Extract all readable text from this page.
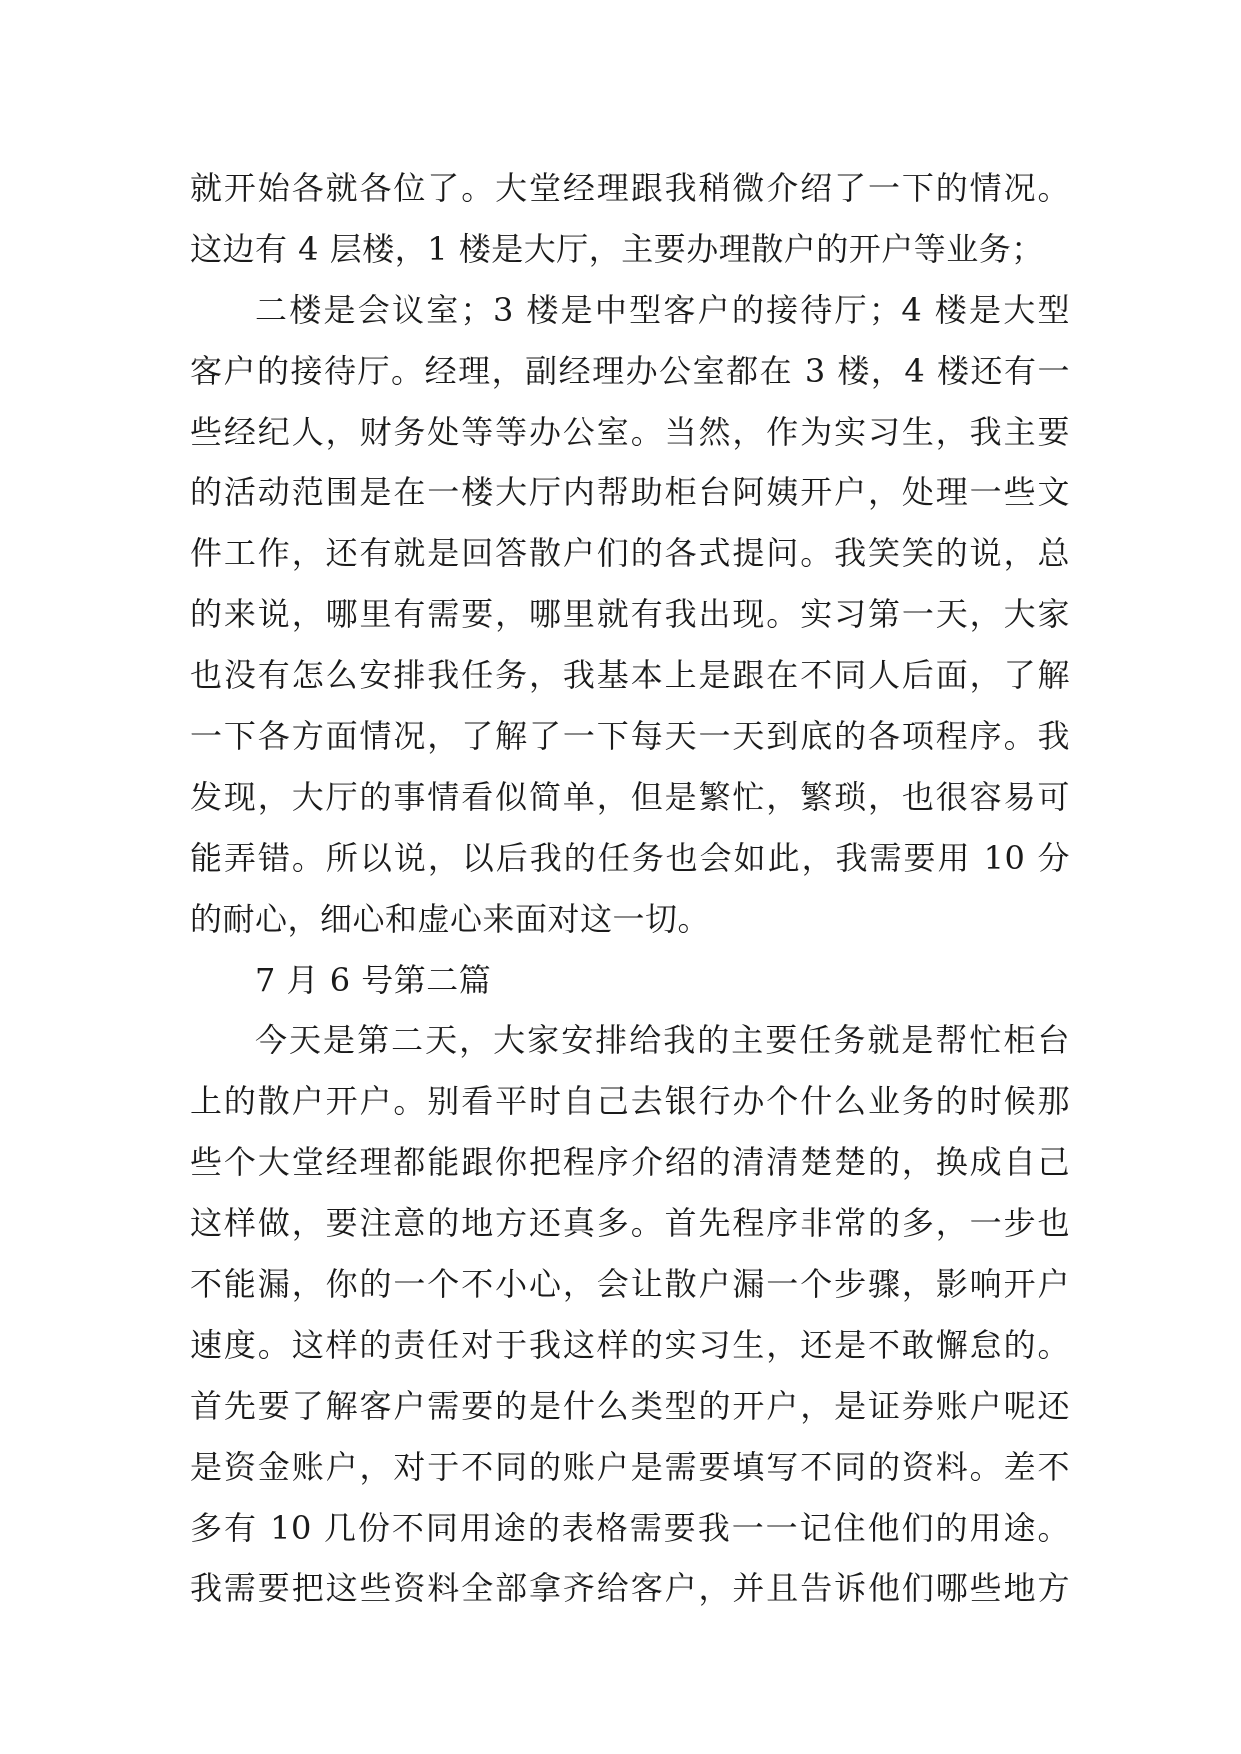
就开始各就各位了。大堂经理跟我稍微介绍了一下的情况。
这边有 4 层楼，1 楼是大厅，主要办理散户的开户等业务；
二楼是会议室；3 楼是中型客户的接待厅；4 楼是大型
客户的接待厅。经理，副经理办公室都在 3 楼，4 楼还有一
些经纪人，财务处等等办公室。当然，作为实习生，我主要
的活动范围是在一楼大厅内帮助柜台阿姨开户，处理一些文
件工作，还有就是回答散户们的各式提问。我笑笑的说，总
的来说，哪里有需要，哪里就有我出现。实习第一天，大家
也没有怎么安排我任务，我基本上是跟在不同人后面，了解
一下各方面情况，了解了一下每天一天到底的各项程序。我
发现，大厅的事情看似简单，但是繁忙，繁琐，也很容易可
能弄错。所以说，以后我的任务也会如此，我需要用 10 分
的耐心，细心和虚心来面对这一切。
7 月 6 号第二篇
今天是第二天，大家安排给我的主要任务就是帮忙柜台
上的散户开户。别看平时自己去银行办个什么业务的时候那
些个大堂经理都能跟你把程序介绍的清清楚楚的，换成自己
这样做，要注意的地方还真多。首先程序非常的多，一步也
不能漏，你的一个不小心，会让散户漏一个步骤，影响开户
速度。这样的责任对于我这样的实习生，还是不敢懈怠的。
首先要了解客户需要的是什么类型的开户，是证券账户呢还
是资金账户，对于不同的账户是需要填写不同的资料。差不
多有 10 几份不同用途的表格需要我一一记住他们的用途。
我需要把这些资料全部拿齐给客户，并且告诉他们哪些地方
